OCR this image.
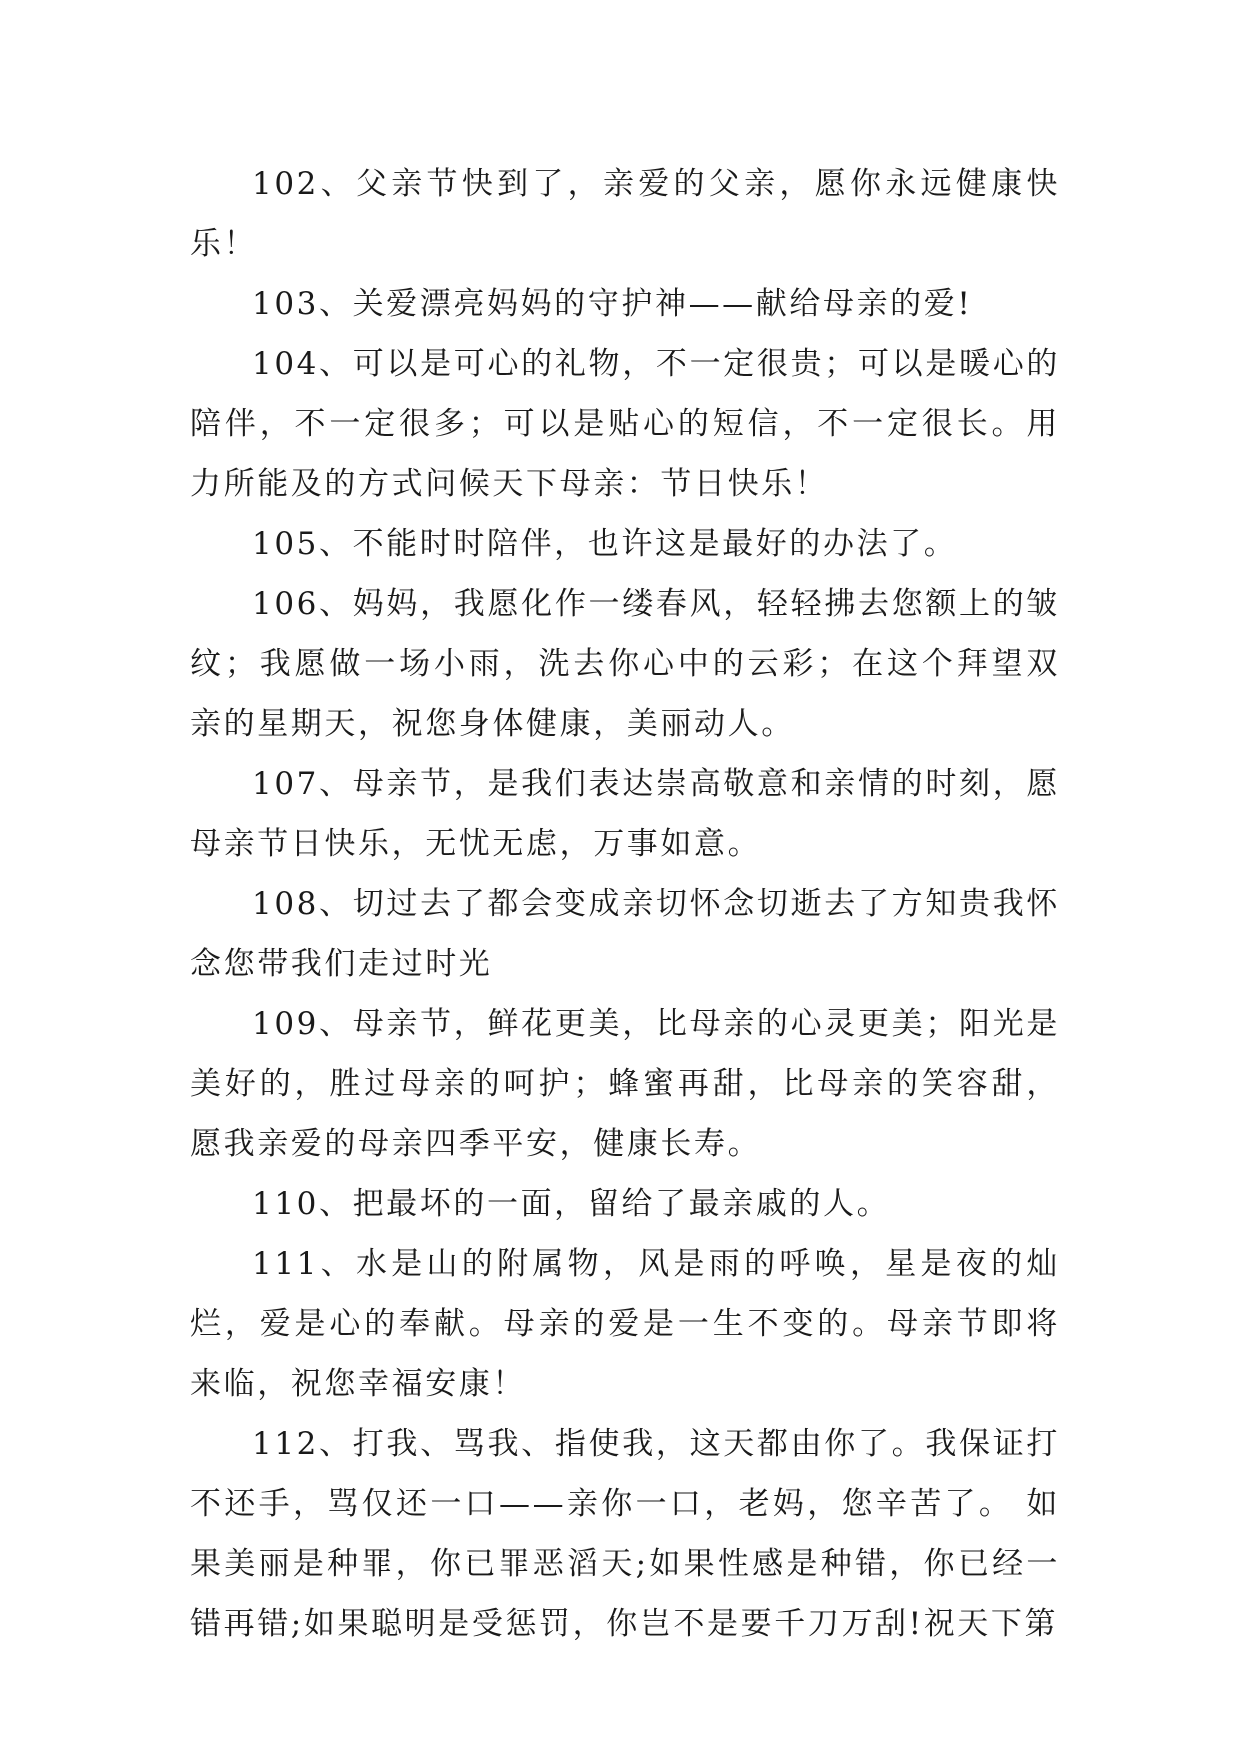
102、父亲节快到了，亲爱的父亲，愿你永远健康快乐！

103、关爱漂亮妈妈的守护神——献给母亲的爱!

104、可以是可心的礼物，不一定很贵；可以是暖心的陪伴，不一定很多；可以是贴心的短信，不一定很长。用力所能及的方式问候天下母亲：节日快乐！

105、不能时时陪伴，也许这是最好的办法了。

106、妈妈，我愿化作一缕春风，轻轻拂去您额上的皱纹；我愿做一场小雨，洗去你心中的云彩；在这个拜望双亲的星期天，祝您身体健康，美丽动人。

107、母亲节，是我们表达崇高敬意和亲情的时刻，愿母亲节日快乐，无忧无虑，万事如意。

108、切过去了都会变成亲切怀念切逝去了方知贵我怀念您带我们走过时光

109、母亲节，鲜花更美，比母亲的心灵更美；阳光是美好的，胜过母亲的呵护；蜂蜜再甜，比母亲的笑容甜，愿我亲爱的母亲四季平安，健康长寿。

110、把最坏的一面，留给了最亲戚的人。

111、水是山的附属物，风是雨的呼唤，星是夜的灿烂，爱是心的奉献。母亲的爱是一生不变的。母亲节即将来临，祝您幸福安康！

112、打我、骂我、指使我，这天都由你了。我保证打不还手，骂仅还一口——亲你一口，老妈，您辛苦了。 如果美丽是种罪，你已罪恶滔天;如果性感是种错，你已经一错再错;如果聪明是受惩罚，你岂不是要千刀万刮!祝天下第
